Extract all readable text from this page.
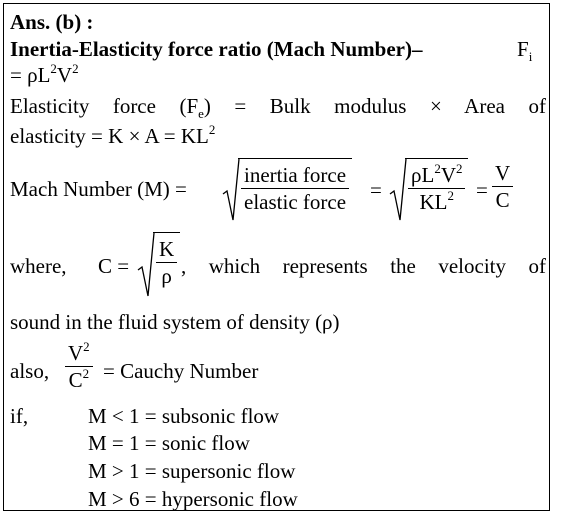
Ans. (b) :
Inertia-Elasticity force ratio (Mach Number)–	$F_i$
= $\rho L^2V^2$
Elasticity force $(F_e)$ = Bulk modulus × Area of
elasticity = $K \times A = KL^2$
Mach Number (M) =	$\frac{\text{inertia force}}{\text{elastic force}} = \frac{\rho L^2V^2}{KL^2} = \frac{V}{C}$
where, $C = \frac{K}{\rho}$ , which represents the velocity of
sound in the fluid system of density (ρ)
also, $\frac{V^2}{C^2}$ = Cauchy Number
if,	M < 1 = subsonic flow
M = 1 = sonic flow
M > 1 = supersonic flow
M > 6 = hypersonic flow
